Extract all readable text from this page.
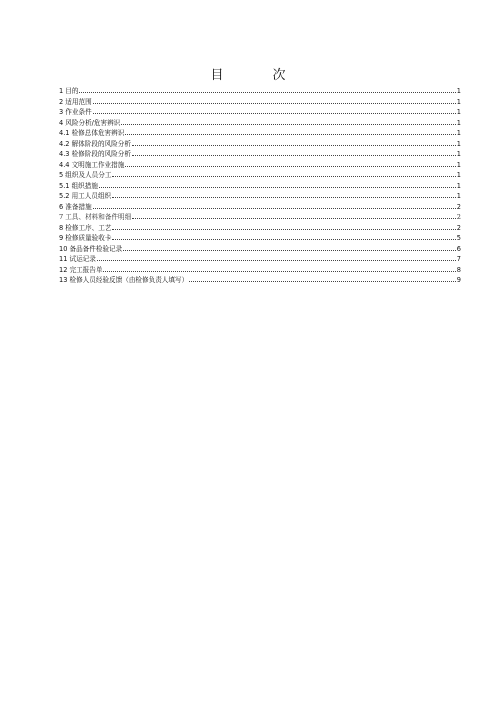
目　次
1 目的	1
2 适用范围	1
3 作业条件	1
4 风险分析/危害辨识	1
4.1 检修总体危害辨识	1
4.2 解体阶段的风险分析	1
4.3 检修阶段的风险分析	1
4.4 文明施工作业措施	1
5 组织及人员分工	1
5.1 组织措施	1
5.2 用工人员组织	1
6 准备措施	2
7 工具、材料和备件明细	2
8 检修工序、工艺	2
9 检修质量验收卡	5
10 备品备件检验记录	6
11 试运记录	7
12 完工报告单	8
13 检修人员经验反馈（由检修负责人填写）	9
